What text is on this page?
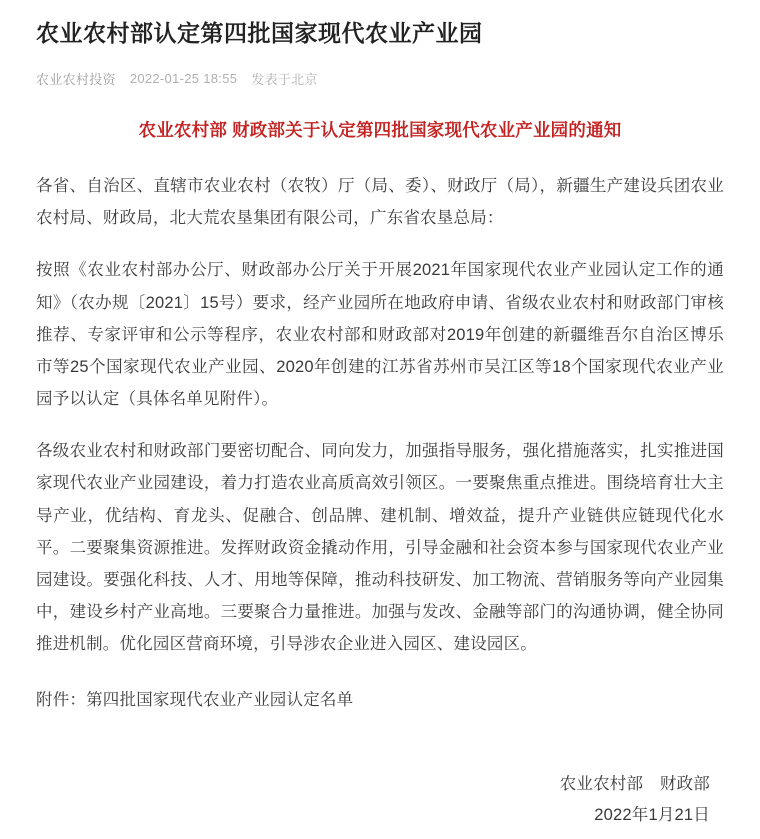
农业农村部认定第四批国家现代农业产业园
农业农村投资 2022-01-25 18:55 发表于北京
农业农村部 财政部关于认定第四批国家现代农业产业园的通知

各省、自治区、直辖市农业农村（农牧）厅（局、委）、财政厅（局），新疆生产建设兵团农业农村局、财政局，北大荒农垦集团有限公司，广东省农垦总局：

按照《农业农村部办公厅、财政部办公厅关于开展2021年国家现代农业产业园认定工作的通知》（农办规〔2021〕15号）要求，经产业园所在地政府申请、省级农业农村和财政部门审核推荐、专家评审和公示等程序，农业农村部和财政部对2019年创建的新疆维吾尔自治区博乐市等25个国家现代农业产业园、2020年创建的江苏省苏州市吴江区等18个国家现代农业产业园予以认定（具体名单见附件）。

各级农业农村和财政部门要密切配合、同向发力，加强指导服务，强化措施落实，扎实推进国家现代农业产业园建设，着力打造农业高质高效引领区。一要聚焦重点推进。围绕培育壮大主导产业，优结构、育龙头、促融合、创品牌、建机制、增效益，提升产业链供应链现代化水平。二要聚集资源推进。发挥财政资金撬动作用，引导金融和社会资本参与国家现代农业产业园建设。要强化科技、人才、用地等保障，推动科技研发、加工物流、营销服务等向产业园集中，建设乡村产业高地。三要聚合力量推进。加强与发改、金融等部门的沟通协调，健全协同推进机制。优化园区营商环境，引导涉农企业进入园区、建设园区。

附件：第四批国家现代农业产业园认定名单

农业农村部　财政部
2022年1月21日
